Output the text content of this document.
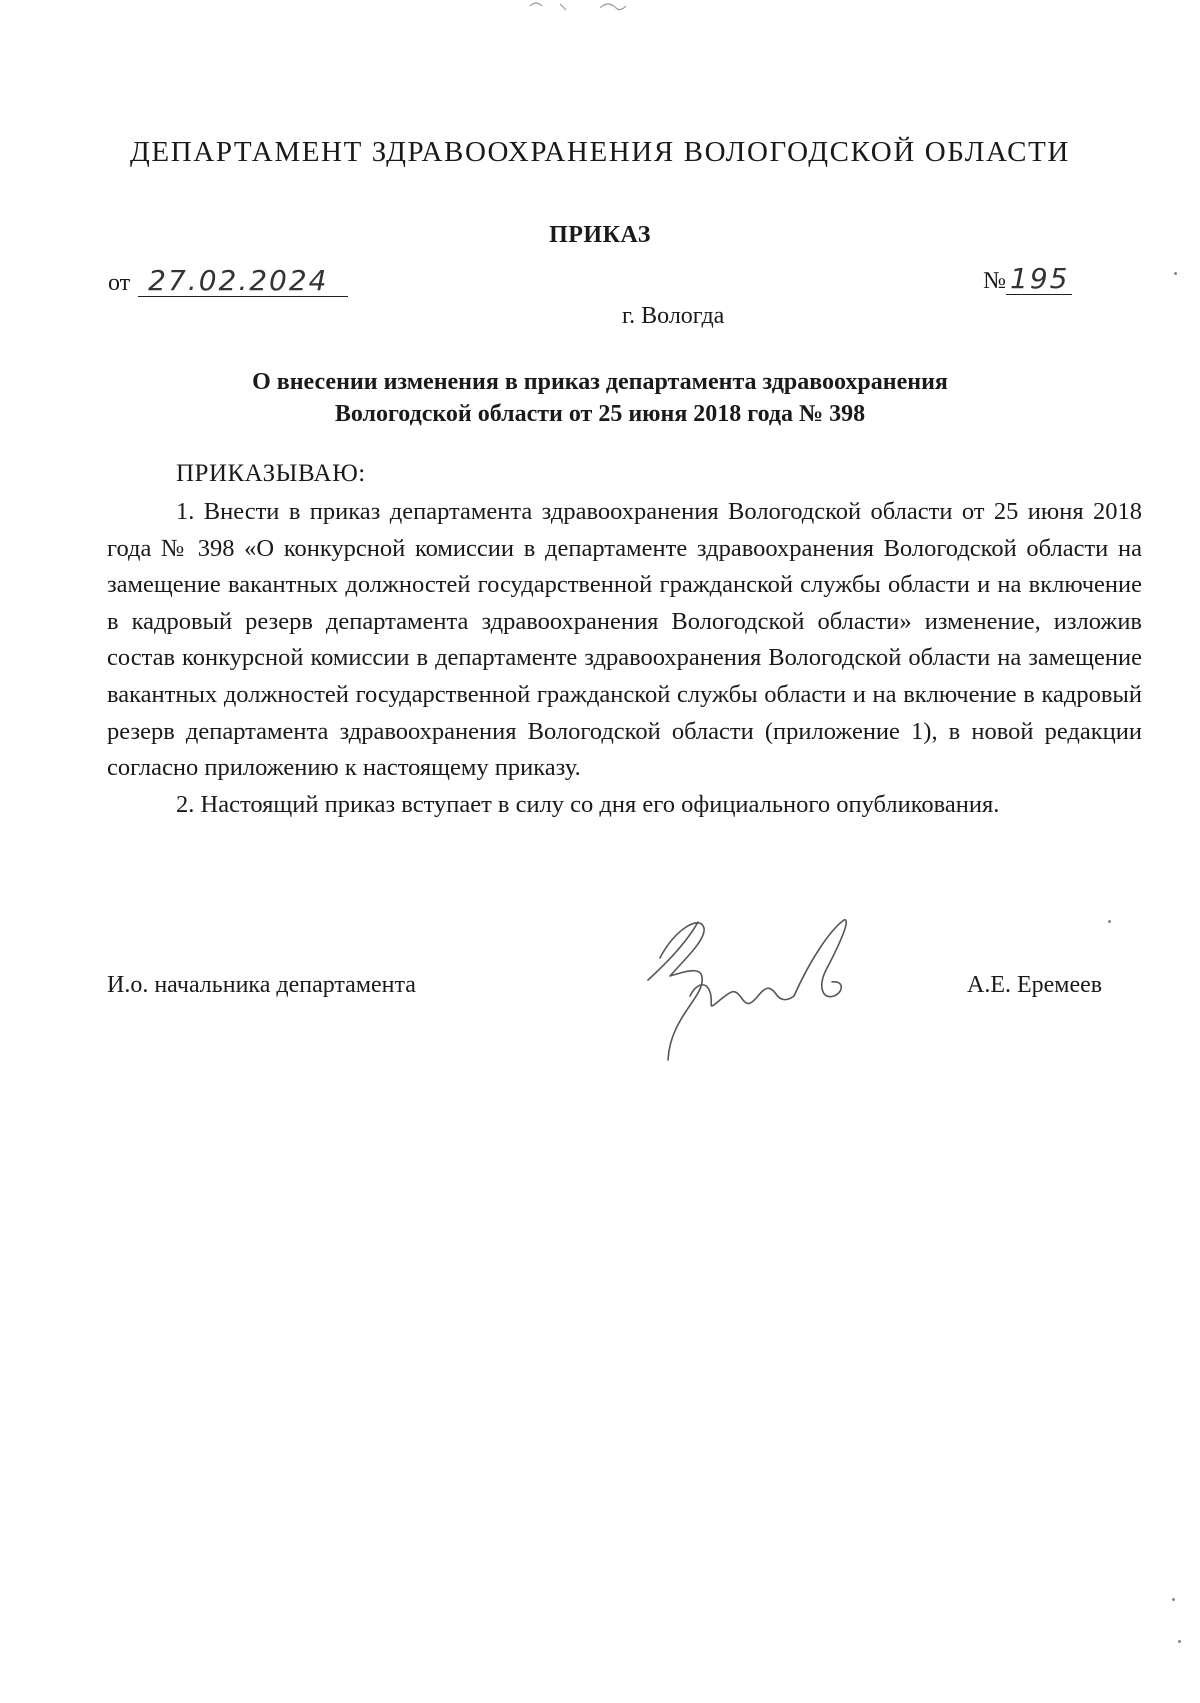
ДЕПАРТАМЕНТ ЗДРАВООХРАНЕНИЯ ВОЛОГОДСКОЙ ОБЛАСТИ
ПРИКАЗ
от 27.02.2024	№ 195
г. Вологда
О внесении изменения в приказ департамента здравоохранения
Вологодской области от 25 июня 2018 года № 398
ПРИКАЗЫВАЮ:

1. Внести в приказ департамента здравоохранения Вологодской области от 25 июня 2018 года № 398 «О конкурсной комиссии в департаменте здравоохранения Вологодской области на замещение вакантных должностей государственной гражданской службы области и на включение в кадровый резерв департамента здравоохранения Вологодской области» изменение, изложив состав конкурсной комиссии в департаменте здравоохранения Вологодской области на замещение вакантных должностей государственной гражданской службы области и на включение в кадровый резерв департамента здравоохранения Вологодской области (приложение 1), в новой редакции согласно приложению к настоящему приказу.

2. Настоящий приказ вступает в силу со дня его официального опубликования.

И.о. начальника департамента	А.Е. Еремеев
